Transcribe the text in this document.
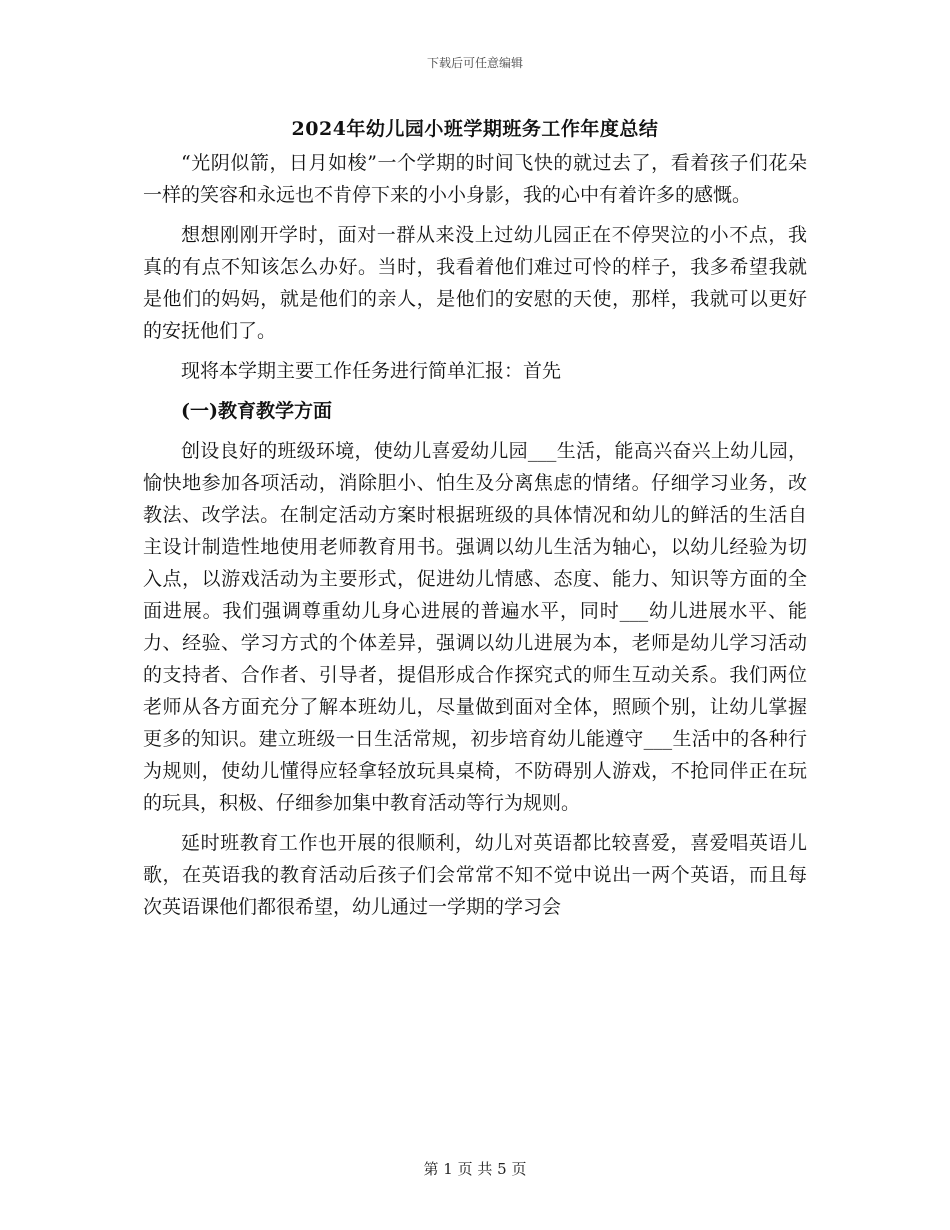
下载后可任意编辑
2024年幼儿园小班学期班务工作年度总结

“光阴似箭，日月如梭”一个学期的时间飞快的就过去了，看着孩子们花朵一样的笑容和永远也不肯停下来的小小身影，我的心中有着许多的感慨。

想想刚刚开学时，面对一群从来没上过幼儿园正在不停哭泣的小不点，我真的有点不知该怎么办好。当时，我看着他们难过可怜的样子，我多希望我就是他们的妈妈，就是他们的亲人，是他们的安慰的天使，那样，我就可以更好的安抚他们了。

现将本学期主要工作任务进行简单汇报：首先

(一)教育教学方面

创设良好的班级环境，使幼儿喜爱幼儿园___生活，能高兴奋兴上幼儿园，愉快地参加各项活动，消除胆小、怕生及分离焦虑的情绪。仔细学习业务，改教法、改学法。在制定活动方案时根据班级的具体情况和幼儿的鲜活的生活自主设计制造性地使用老师教育用书。强调以幼儿生活为轴心，以幼儿经验为切入点，以游戏活动为主要形式，促进幼儿情感、态度、能力、知识等方面的全面进展。我们强调尊重幼儿身心进展的普遍水平，同时___幼儿进展水平、能力、经验、学习方式的个体差异，强调以幼儿进展为本，老师是幼儿学习活动的支持者、合作者、引导者，提倡形成合作探究式的师生互动关系。我们两位老师从各方面充分了解本班幼儿，尽量做到面对全体，照顾个别，让幼儿掌握更多的知识。建立班级一日生活常规，初步培育幼儿能遵守___生活中的各种行为规则，使幼儿懂得应轻拿轻放玩具桌椅，不防碍别人游戏，不抢同伴正在玩的玩具，积极、仔细参加集中教育活动等行为规则。

延时班教育工作也开展的很顺利，幼儿对英语都比较喜爱，喜爱唱英语儿歌，在英语我的教育活动后孩子们会常常不知不觉中说出一两个英语，而且每次英语课他们都很希望，幼儿通过一学期的学习会

第 1 页 共 5 页
